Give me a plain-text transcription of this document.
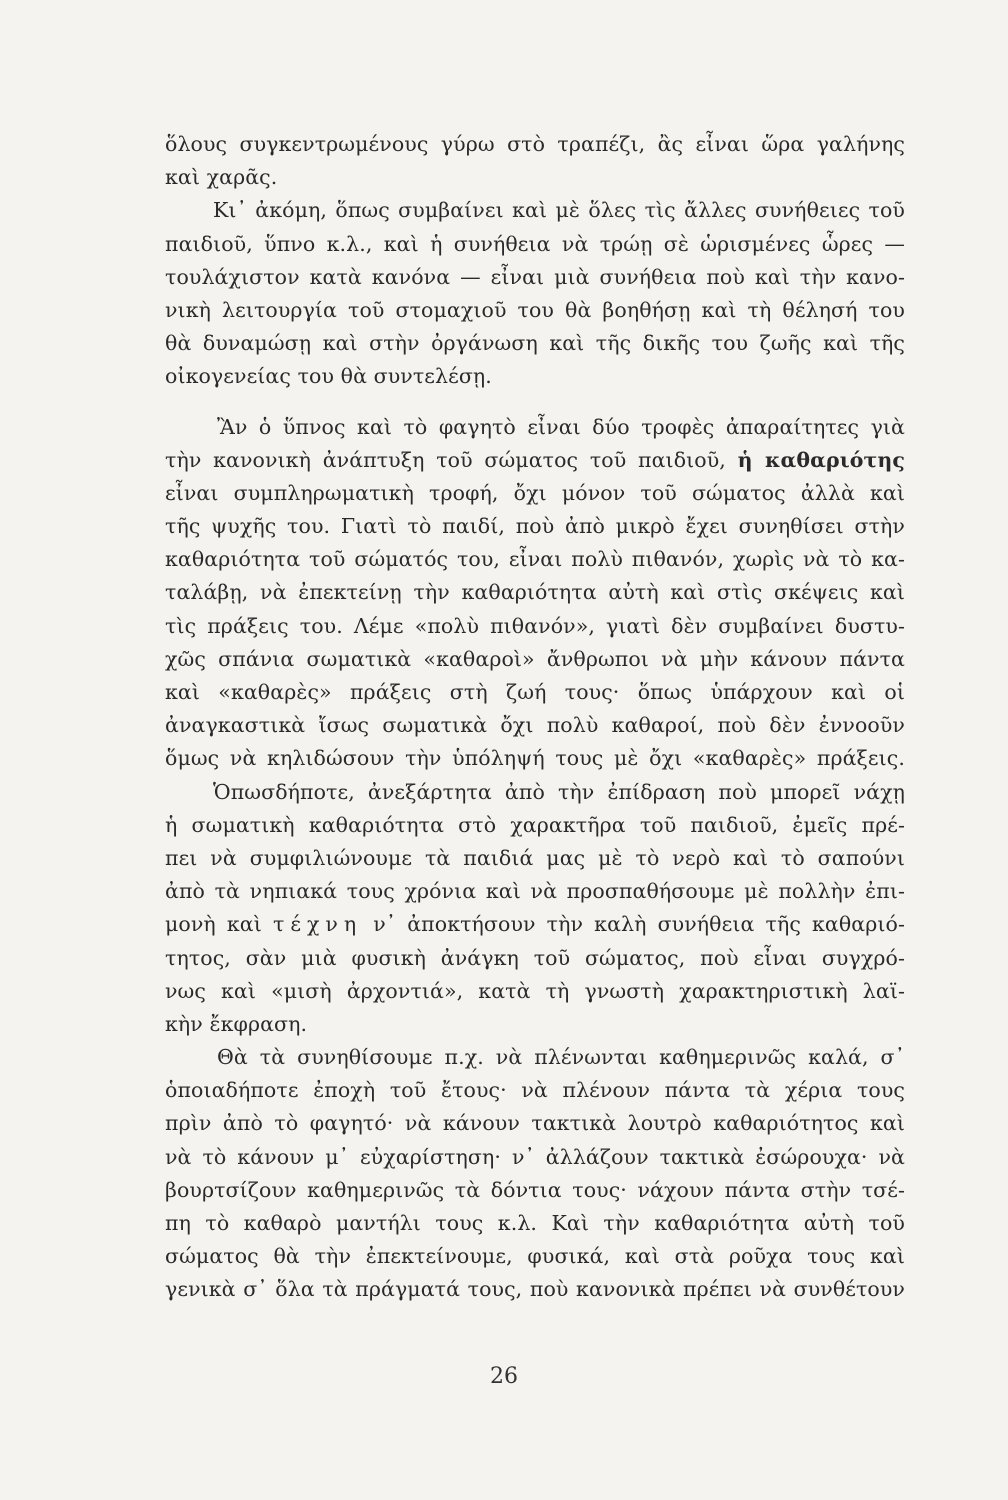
ὅλους συγκεντρωμένους γύρω στὸ τραπέζι, ἂς εἶναι ὥρα γαλήνης
καὶ χαρᾶς.
Κι᾽ ἀκόμη, ὅπως συμβαίνει καὶ μὲ ὅλες τὶς ἄλλες συνήθειες τοῦ
παιδιοῦ, ὕπνο κ.λ., καὶ ἡ συνήθεια νὰ τρώῃ σὲ ὡρισμένες ὧρες —
τουλάχιστον κατὰ κανόνα — εἶναι μιὰ συνήθεια ποὺ καὶ τὴν κανο-
νικὴ λειτουργία τοῦ στομαχιοῦ του θὰ βοηθήσῃ καὶ τὴ θέλησή του
θὰ δυναμώσῃ καὶ στὴν ὀργάνωση καὶ τῆς δικῆς του ζωῆς καὶ τῆς
οἰκογενείας του θὰ συντελέσῃ.
Ἂν ὁ ὕπνος καὶ τὸ φαγητὸ εἶναι δύο τροφὲς ἀπαραίτητες γιὰ
τὴν κανονικὴ ἀνάπτυξη τοῦ σώματος τοῦ παιδιοῦ, ἡ καθαριότης
εἶναι συμπληρωματικὴ τροφή, ὄχι μόνον τοῦ σώματος ἀλλὰ καὶ
τῆς ψυχῆς του. Γιατὶ τὸ παιδί, ποὺ ἀπὸ μικρὸ ἔχει συνηθίσει στὴν
καθαριότητα τοῦ σώματός του, εἶναι πολὺ πιθανόν, χωρὶς νὰ τὸ κα-
ταλάβῃ, νὰ ἐπεκτείνῃ τὴν καθαριότητα αὐτὴ καὶ στὶς σκέψεις καὶ
τὶς πράξεις του. Λέμε «πολὺ πιθανόν», γιατὶ δὲν συμβαίνει δυστυ-
χῶς σπάνια σωματικὰ «καθαροὶ» ἄνθρωποι νὰ μὴν κάνουν πάντα
καὶ «καθαρὲς» πράξεις στὴ ζωή τους· ὅπως ὑπάρχουν καὶ οἱ
ἀναγκαστικὰ ἴσως σωματικὰ ὄχι πολὺ καθαροί, ποὺ δὲν ἐννοοῦν
ὅμως νὰ κηλιδώσουν τὴν ὑπόληψή τους μὲ ὄχι «καθαρὲς» πράξεις.
Ὁπωσδήποτε, ἀνεξάρτητα ἀπὸ τὴν ἐπίδραση ποὺ μπορεῖ νάχῃ
ἡ σωματικὴ καθαριότητα στὸ χαρακτῆρα τοῦ παιδιοῦ, ἐμεῖς πρέ-
πει νὰ συμφιλιώνουμε τὰ παιδιά μας μὲ τὸ νερὸ καὶ τὸ σαπούνι
ἀπὸ τὰ νηπιακά τους χρόνια καὶ νὰ προσπαθήσουμε μὲ πολλὴν ἐπι-
μονὴ καὶ τέχνη ν᾽ ἀποκτήσουν τὴν καλὴ συνήθεια τῆς καθαριό-
τητος, σὰν μιὰ φυσικὴ ἀνάγκη τοῦ σώματος, ποὺ εἶναι συγχρό-
νως καὶ «μισὴ ἀρχοντιά», κατὰ τὴ γνωστὴ χαρακτηριστικὴ λαϊ-
κὴν ἔκφραση.
Θὰ τὰ συνηθίσουμε π.χ. νὰ πλένωνται καθημερινῶς καλά, σ᾽
ὁποιαδήποτε ἐποχὴ τοῦ ἔτους· νὰ πλένουν πάντα τὰ χέρια τους
πρὶν ἀπὸ τὸ φαγητό· νὰ κάνουν τακτικὰ λουτρὸ καθαριότητος καὶ
νὰ τὸ κάνουν μ᾽ εὐχαρίστηση· ν᾽ ἀλλάζουν τακτικὰ ἐσώρουχα· νὰ
βουρτσίζουν καθημερινῶς τὰ δόντια τους· νάχουν πάντα στὴν τσέ-
πη τὸ καθαρὸ μαντήλι τους κ.λ. Καὶ τὴν καθαριότητα αὐτὴ τοῦ
σώματος θὰ τὴν ἐπεκτείνουμε, φυσικά, καὶ στὰ ροῦχα τους καὶ
γενικὰ σ᾽ ὅλα τὰ πράγματά τους, ποὺ κανονικὰ πρέπει νὰ συνθέτουν
26
